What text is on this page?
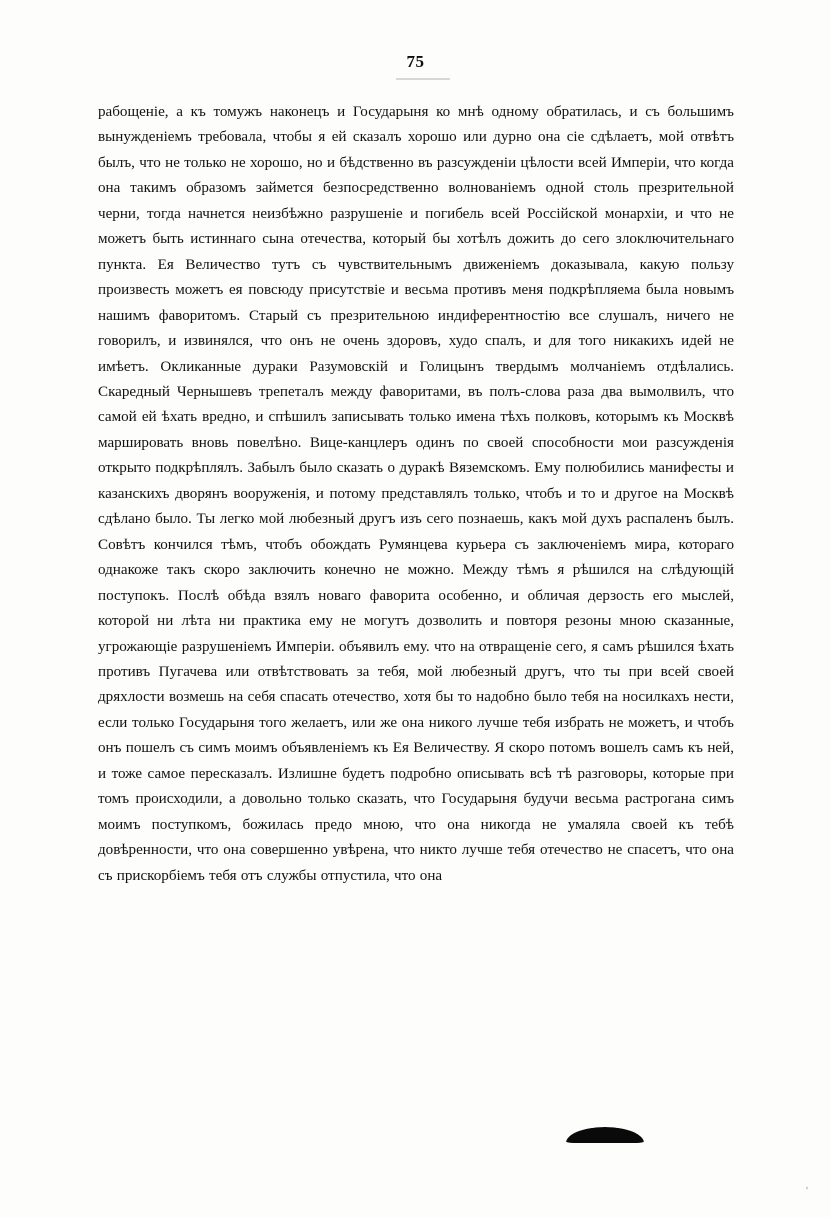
75

рабощеніе, а къ томужъ наконецъ и Государыня ко мнѣ одному обратилась, и съ большимъ вынужденіемъ требовала, чтобы я ей сказалъ хорошо или дурно она сіе сдѣлаетъ, мой отвѣтъ былъ, что не только не хорошо, но и бѣдственно въ разсужденіи цѣлости всей Имперіи, что когда она такимъ образомъ займется безпосредственно волнованіемъ одной столь презрительной черни, тогда начнется неизбѣжно разрушеніе и погибель всей Россійской монархіи, и что не можетъ быть истиннаго сына отечества, который бы хотѣлъ дожить до сего злоключительнаго пункта. Ея Величество тутъ съ чувствительнымъ движеніемъ доказывала, какую пользу произвесть можетъ ея повсюду присутствіе и весьма противъ меня подкрѣпляема была новымъ нашимъ фаворитомъ. Старый съ презрительною индиферентностію все слушалъ, ничего не говорилъ, и извинялся, что онъ не очень здоровъ, худо спалъ, и для того никакихъ идей не имѣетъ. Окликанные дураки Разумовскій и Голицынъ твердымъ молчаніемъ отдѣлались. Скаредный Чернышевъ трепеталъ между фаворитами, въ полъ-слова раза два вымолвилъ, что самой ей ѣхать вредно, и спѣшилъ записывать только имена тѣхъ полковъ, которымъ къ Москвѣ маршировать вновь повелѣно. Вице-канцлеръ одинъ по своей способности мои разсужденія открыто подкрѣплялъ. Забылъ было сказать о дуракѣ Вяземскомъ. Ему полюбились манифесты и казанскихъ дворянъ вооруженія, и потому представлялъ только, чтобъ и то и другое на Москвѣ сдѣлано было. Ты легко мой любезный другъ изъ сего познаешь, какъ мой духъ распаленъ былъ. Совѣтъ кончился тѣмъ, чтобъ обождать Румянцева курьера съ заключеніемъ мира, котораго однакоже такъ скоро заключить конечно не можно. Между тѣмъ я рѣшился на слѣдующій поступокъ. Послѣ обѣда взялъ новаго фаворита особенно, и обличая дерзость его мыслей, которой ни лѣта ни практика ему не могутъ дозволить и повторя резоны мною сказанные, угрожающіе разрушеніемъ Имперіи. объявилъ ему. что на отвращеніе сего, я самъ рѣшился ѣхать противъ Пугачева или отвѣтствовать за тебя, мой любезный другъ, что ты при всей своей дряхлости возмешь на себя спасать отечество, хотя бы то надобно было тебя на носилкахъ нести, если только Государыня того желаетъ, или же она никого лучше тебя избрать не можетъ, и чтобъ онъ пошелъ съ симъ моимъ объявленіемъ къ Ея Величеству. Я скоро потомъ вошелъ самъ къ ней, и тоже самое пересказалъ. Излишне будетъ подробно описывать всѣ тѣ разговоры, которые при томъ происходили, а довольно только сказать, что Государыня будучи весьма растрогана симъ моимъ поступкомъ, божилась предо мною, что она никогда не умаляла своей къ тебѣ довѣренности, что она совершенно увѣрена, что никто лучше тебя отечество не спасетъ, что она съ прискорбіемъ тебя отъ службы отпустила, что она

'
